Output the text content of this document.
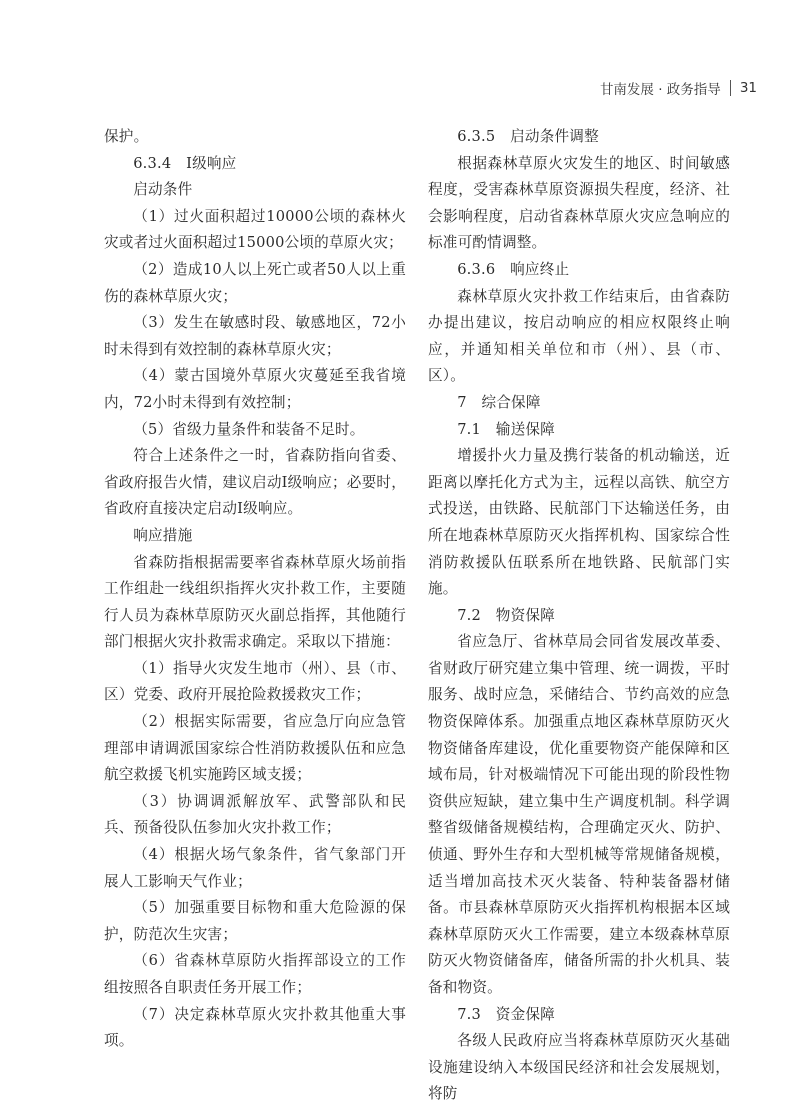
甘南发展 · 政务指导 31

保护。

6.3.4　Ⅰ级响应

启动条件

（1）过火面积超过10000公顷的森林火灾或者过火面积超过15000公顷的草原火灾；

（2）造成10人以上死亡或者50人以上重伤的森林草原火灾；

（3）发生在敏感时段、敏感地区，72小时未得到有效控制的森林草原火灾；

（4）蒙古国境外草原火灾蔓延至我省境内，72小时未得到有效控制；

（5）省级力量条件和装备不足时。

符合上述条件之一时，省森防指向省委、省政府报告火情，建议启动Ⅰ级响应；必要时，省政府直接决定启动Ⅰ级响应。

响应措施

省森防指根据需要率省森林草原火场前指工作组赴一线组织指挥火灾扑救工作，主要随行人员为森林草原防灭火副总指挥，其他随行部门根据火灾扑救需求确定。采取以下措施：

（1）指导火灾发生地市（州）、县（市、区）党委、政府开展抢险救援救灾工作；

（2）根据实际需要，省应急厅向应急管理部申请调派国家综合性消防救援队伍和应急航空救援飞机实施跨区域支援；

（3）协调调派解放军、武警部队和民兵、预备役队伍参加火灾扑救工作；

（4）根据火场气象条件，省气象部门开展人工影响天气作业；

（5）加强重要目标物和重大危险源的保护，防范次生灾害；

（6）省森林草原防火指挥部设立的工作组按照各自职责任务开展工作；

（7）决定森林草原火灾扑救其他重大事项。

6.3.5　启动条件调整

根据森林草原火灾发生的地区、时间敏感程度，受害森林草原资源损失程度，经济、社会影响程度，启动省森林草原火灾应急响应的标准可酌情调整。

6.3.6　响应终止

森林草原火灾扑救工作结束后，由省森防办提出建议，按启动响应的相应权限终止响应，并通知相关单位和市（州）、县（市、区）。

7　综合保障

7.1　输送保障

增援扑火力量及携行装备的机动输送，近距离以摩托化方式为主，远程以高铁、航空方式投送，由铁路、民航部门下达输送任务，由所在地森林草原防灭火指挥机构、国家综合性消防救援队伍联系所在地铁路、民航部门实施。

7.2　物资保障

省应急厅、省林草局会同省发展改革委、省财政厅研究建立集中管理、统一调拨，平时服务、战时应急，采储结合、节约高效的应急物资保障体系。加强重点地区森林草原防灭火物资储备库建设，优化重要物资产能保障和区域布局，针对极端情况下可能出现的阶段性物资供应短缺，建立集中生产调度机制。科学调整省级储备规模结构，合理确定灭火、防护、侦通、野外生存和大型机械等常规储备规模，适当增加高技术灭火装备、特种装备器材储备。市县森林草原防灭火指挥机构根据本区域森林草原防灭火工作需要，建立本级森林草原防灭火物资储备库，储备所需的扑火机具、装备和物资。

7.3　资金保障

各级人民政府应当将森林草原防灭火基础设施建设纳入本级国民经济和社会发展规划，将防
